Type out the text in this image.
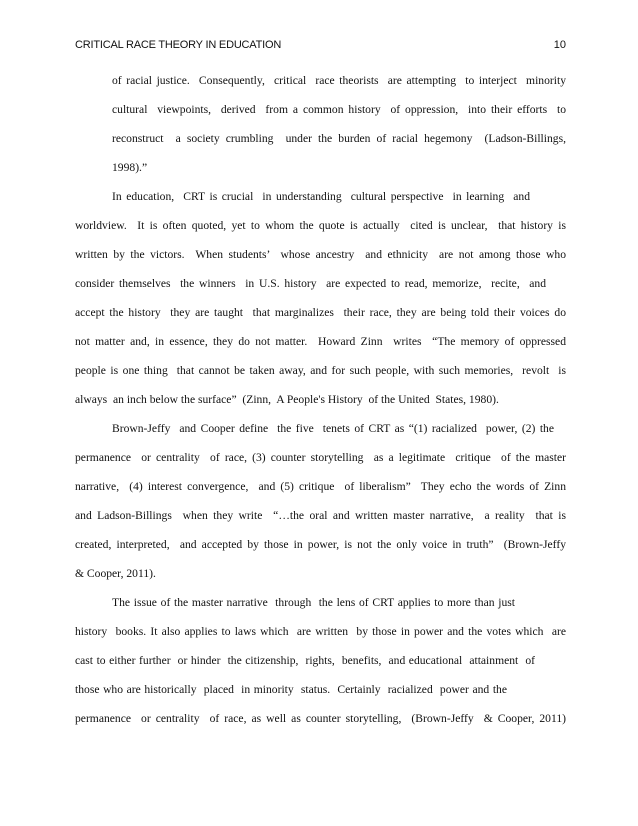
CRITICAL RACE THEORY IN EDUCATION	10
of racial justice.  Consequently,  critical  race theorists  are attempting  to interject  minority
cultural  viewpoints,  derived  from a common history  of oppression,  into their efforts  to
reconstruct  a society crumbling  under the burden of racial hegemony  (Ladson-Billings,
1998).”
In education,  CRT is crucial  in understanding  cultural perspective  in learning  and
worldview.  It is often quoted, yet to whom the quote is actually  cited is unclear,  that history is
written by the victors.  When students’  whose ancestry  and ethnicity  are not among those who
consider themselves  the winners  in U.S. history  are expected to read, memorize,  recite,  and
accept the history  they are taught  that marginalizes  their race, they are being told their voices do
not matter and, in essence, they do not matter.  Howard Zinn  writes  “The memory of oppressed
people is one thing  that cannot be taken away, and for such people, with such memories,  revolt  is
always  an inch below the surface”  (Zinn,  A People's History  of the United  States, 1980).
Brown-Jeffy  and Cooper define  the five  tenets of CRT as “(1) racialized  power, (2) the
permanence  or centrality  of race, (3) counter storytelling  as a legitimate  critique  of the master
narrative,  (4) interest convergence,  and (5) critique  of liberalism”  They echo the words of Zinn
and Ladson-Billings  when they write  “…the oral and written master narrative,  a reality  that is
created, interpreted,  and accepted by those in power, is not the only voice in truth”  (Brown-Jeffy
& Cooper, 2011).
The issue of the master narrative  through  the lens of CRT applies to more than just
history  books. It also applies to laws which  are written  by those in power and the votes which  are
cast to either further  or hinder  the citizenship,  rights,  benefits,  and educational  attainment  of
those who are historically  placed  in minority  status.  Certainly  racialized  power and the
permanence  or centrality  of race, as well as counter storytelling,  (Brown-Jeffy  & Cooper, 2011)
